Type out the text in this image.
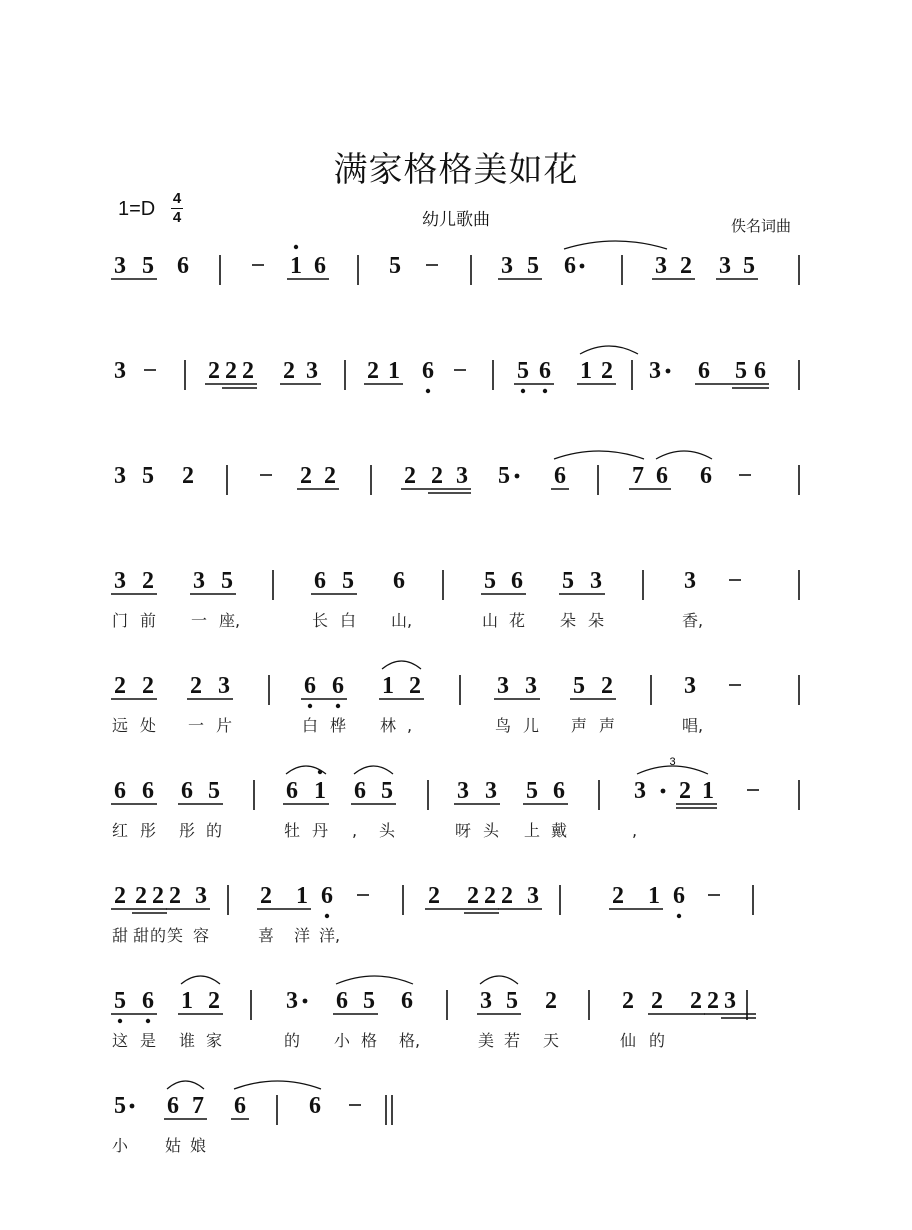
满家格格美如花
幼儿歌曲	佚名词曲
1=D 4
4
3 5 6	1 6	5	3 5 6	3 2 3 5
3	2 2 2 2 3 2 1 6	5 6 1 2 3 6 5 6
3 5 2	2 2	2 2 3 5 6	7 6 6
3 2 3 5	6 5 6	5 6 5 3	3
门 前 一 座,	长 白 山,	山 花 朵 朵	香,
2 2 2 3	6 6 1 2	3 3 5 2	3
远 处 一 片	白 桦 林 ,	鸟 儿 声 声	唱,
6 6 6 5	6 1 6 5	3 3 5 6	3 2 1
红 彤 彤 的	牡 丹 , 头	呀 头 上 戴	,
2 2 2 2 3 2 1 6	2 2 2 2 3	2 1 6
甜 甜 的 笑 容	喜 洋 洋,
5 6 1 2	3 6 5 6	3 5 2	2 2 2 2 3
这 是 谁 家	的 小 格 格,	美 若 天	仙 的
5 6 7 6	6
小 姑 娘
3
